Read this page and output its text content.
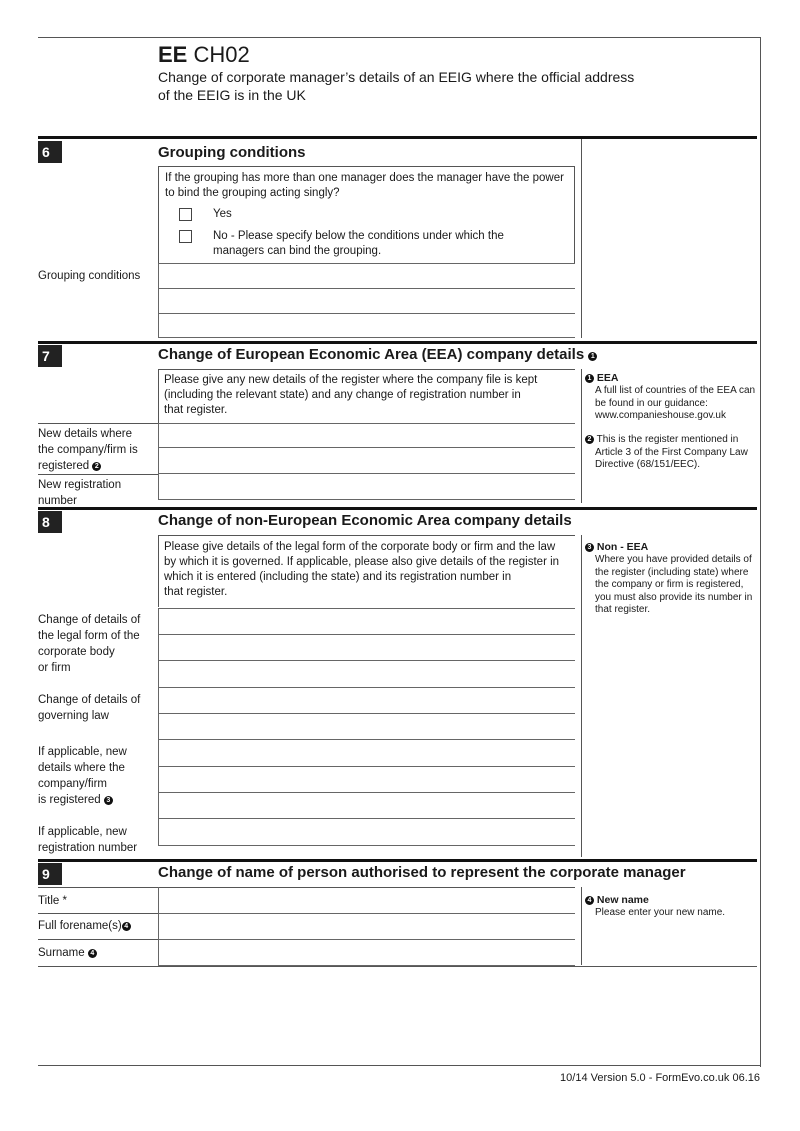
EE CH02
Change of corporate manager’s details of an EEIG where the official address
of the EEIG is in the UK
6	Grouping conditions
If the grouping has more than one manager does the manager have the power
to bind the grouping acting singly?
Yes
No - Please specify below the conditions under which the
managers can bind the grouping.
Grouping conditions
7	Change of European Economic Area (EEA) company details 1
Please give any new details of the register where the company file is kept
(including the relevant state) and any change of registration number in
that register.
New details where
the company/firm is
registered 2
New registration
number
1 EEA
A full list of countries of the EEA can
be found in our guidance:
www.companieshouse.gov.uk
2 This is the register mentioned in
Article 3 of the First Company Law
Directive (68/151/EEC).
8	Change of non-European Economic Area company details
Please give details of the legal form of the corporate body or firm and the law
by which it is governed. If applicable, please also give details of the register in
which it is entered (including the state) and its registration number in
that register.
Change of details of
the legal form of the
corporate body
or firm
Change of details of
governing law
If applicable, new
details where the
company/firm
is registered 3
If applicable, new
registration number
3 Non - EEA
Where you have provided details of
the register (including state) where
the company or firm is registered,
you must also provide its number in
that register.
9	Change of name of person authorised to represent the corporate manager
Title *
Full forename(s) 4
Surname 4
4 New name
Please enter your new name.
10/14 Version 5.0 - FormEvo.co.uk 06.16
